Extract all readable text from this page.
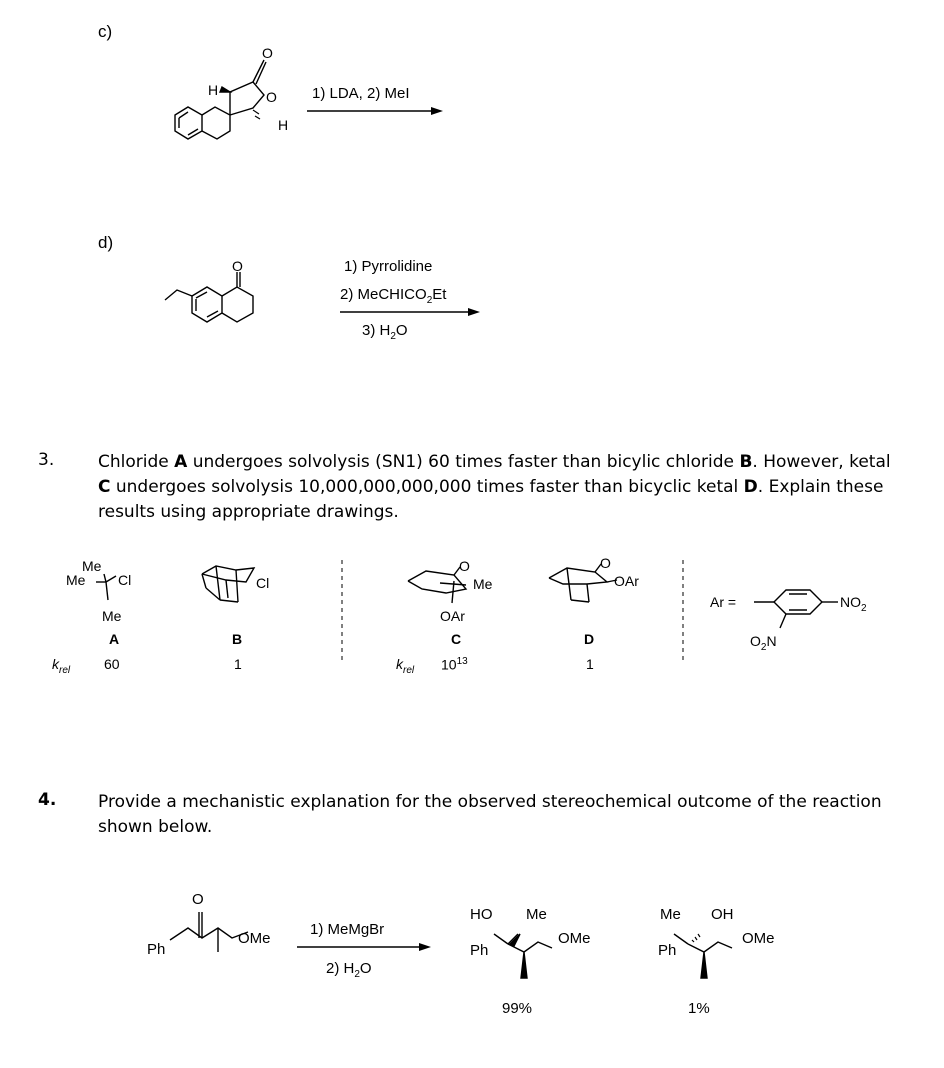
c)
H	O
O
H
1) LDA, 2) MeI
d)
O	1) Pyrrolidine
2) MeCHICO$_2$Et
3) $H_2O$
3.	Chloride A undergoes solvolysis (SN1) 60 times faster than bicylic chloride B. However, ketal C undergoes solvolysis 10,000,000,000,000 times faster than bicyclic ketal D. Explain these results using appropriate drawings.
Me
Me Cl
Me
A
$k_{rel}$ 60
Cl
B
1
O
Me
OAr
C
$k_{rel}$ $10^{13}$
O
OAr
D
1
Ar =	$NO_2$
$O_2N$
4. Provide a mechanistic explanation for the observed stereochemical outcome of the reaction shown below.
O
Ph
OMe
1) MeMgBr
2) $H_2O$
HO Me
Ph
OMe
99%
Me OH
Ph
OMe
1%
